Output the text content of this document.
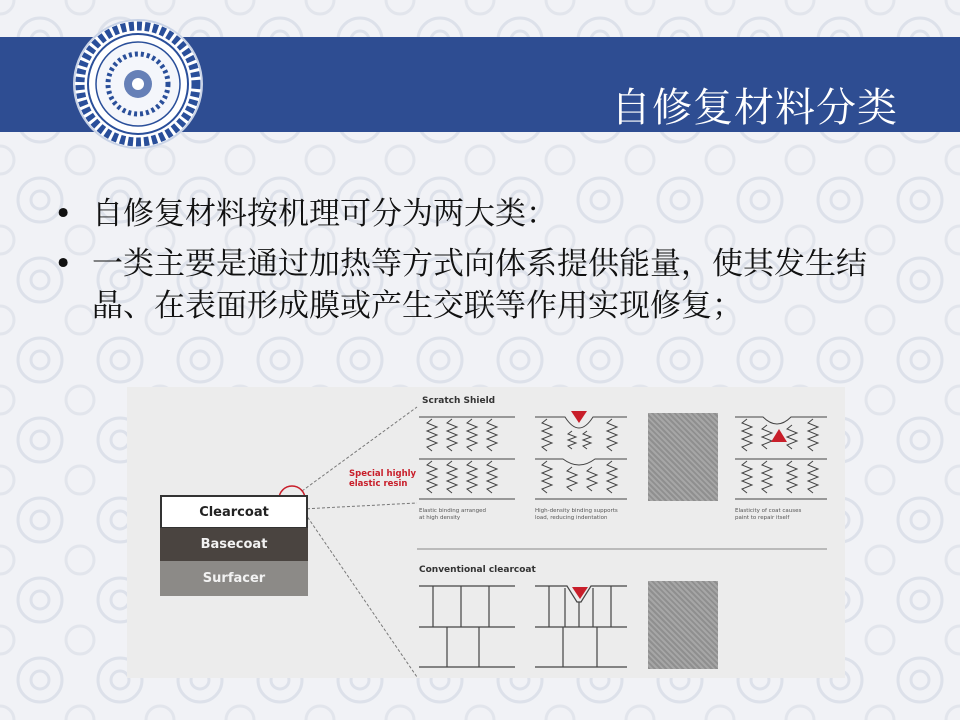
自修复材料分类
• 自修复材料按机理可分为两大类：
• 一类主要是通过加热等方式向体系提供能量，使其发生结晶、在表面形成膜或产生交联等作用实现修复；
Clearcoat
Basecoat
Surfacer
Scratch Shield
Special highly
elastic resin
Elastic binding arranged
at high density
High-density binding supports
load, reducing indentation
Elasticity of coat causes
paint to repair itself
Conventional clearcoat
